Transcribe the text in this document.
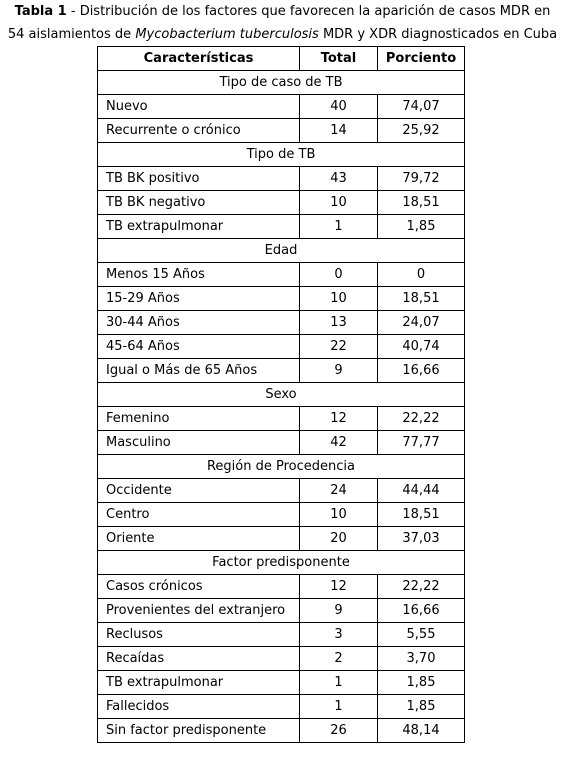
Tabla 1 - Distribución de los factores que favorecen la aparición de casos MDR en
54 aislamientos de Mycobacterium tuberculosis MDR y XDR diagnosticados en Cuba
Características	Total	Porciento
Tipo de caso de TB		
Nuevo	40	74,07
Recurrente o crónico	14	25,92
Tipo de TB		
TB BK positivo	43	79,72
TB BK negativo	10	18,51
TB extrapulmonar	1	1,85
Edad		
Menos 15 Años	0	0
15-29 Años	10	18,51
30-44 Años	13	24,07
45-64 Años	22	40,74
Igual o Más de 65 Años	9	16,66
Sexo		
Femenino	12	22,22
Masculino	42	77,77
Región de Procedencia		
Occidente	24	44,44
Centro	10	18,51
Oriente	20	37,03
Factor predisponente		
Casos crónicos	12	22,22
Provenientes del extranjero	9	16,66
Reclusos	3	5,55
Recaídas	2	3,70
TB extrapulmonar	1	1,85
Fallecidos	1	1,85
Sin factor predisponente	26	48,14
